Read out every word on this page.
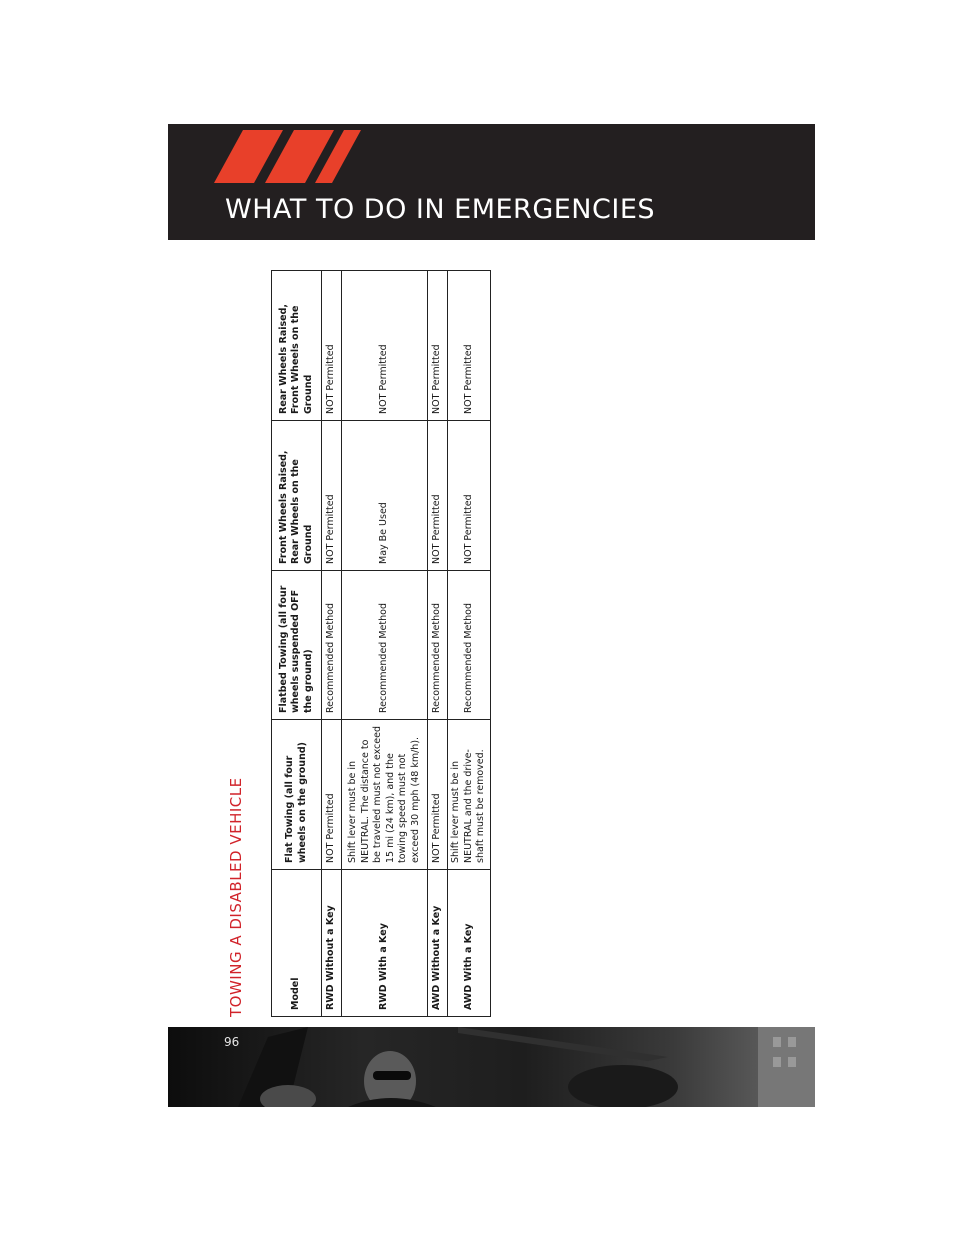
WHAT TO DO IN EMERGENCIES
TOWING A DISABLED VEHICLE	Model	Flat Towing (all four wheels on the ground)	Flatbed Towing (all four wheels suspended OFF the ground)	Front Wheels Raised, Rear Wheels on the Ground	Rear Wheels Raised, Front Wheels on the Ground
RWD Without a Key	NOT Permitted	Recommended Method	NOT Permitted	NOT Permitted
RWD With a Key	Shift lever must be in NEUTRAL. The distance to be traveled must not exceed 15 mi (24 km), and the towing speed must not exceed 30 mph (48 km/h).	Recommended Method	May Be Used	NOT Permitted
AWD Without a Key	NOT Permitted	Recommended Method	NOT Permitted	NOT Permitted
AWD With a Key	Shift lever must be in NEUTRAL and the drive-shaft must be removed.	Recommended Method	NOT Permitted	NOT Permitted
96
